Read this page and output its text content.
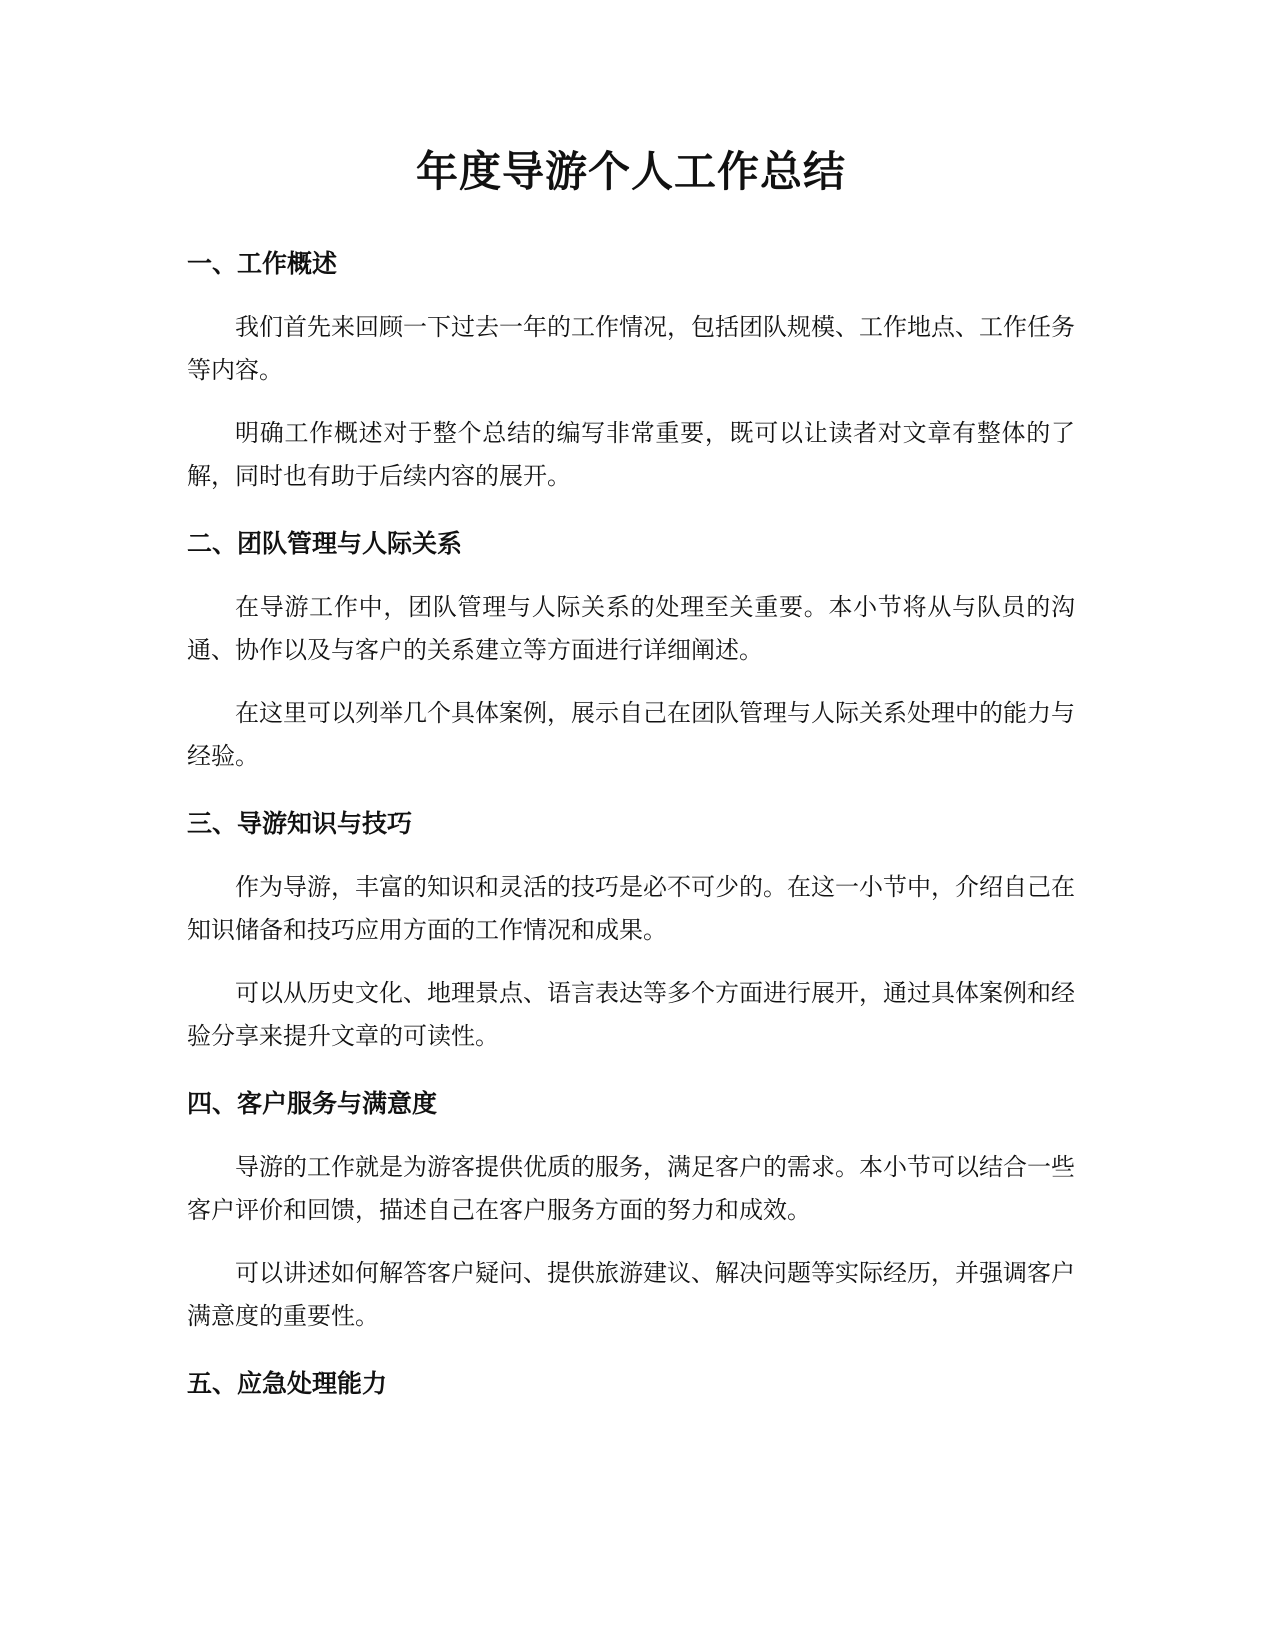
年度导游个人工作总结
一、工作概述

我们首先来回顾一下过去一年的工作情况，包括团队规模、工作地点、工作任务等内容。

明确工作概述对于整个总结的编写非常重要，既可以让读者对文章有整体的了解，同时也有助于后续内容的展开。

二、团队管理与人际关系

在导游工作中，团队管理与人际关系的处理至关重要。本小节将从与队员的沟通、协作以及与客户的关系建立等方面进行详细阐述。

在这里可以列举几个具体案例，展示自己在团队管理与人际关系处理中的能力与经验。

三、导游知识与技巧

作为导游，丰富的知识和灵活的技巧是必不可少的。在这一小节中，介绍自己在知识储备和技巧应用方面的工作情况和成果。

可以从历史文化、地理景点、语言表达等多个方面进行展开，通过具体案例和经验分享来提升文章的可读性。

四、客户服务与满意度

导游的工作就是为游客提供优质的服务，满足客户的需求。本小节可以结合一些客户评价和回馈，描述自己在客户服务方面的努力和成效。

可以讲述如何解答客户疑问、提供旅游建议、解决问题等实际经历，并强调客户满意度的重要性。

五、应急处理能力
